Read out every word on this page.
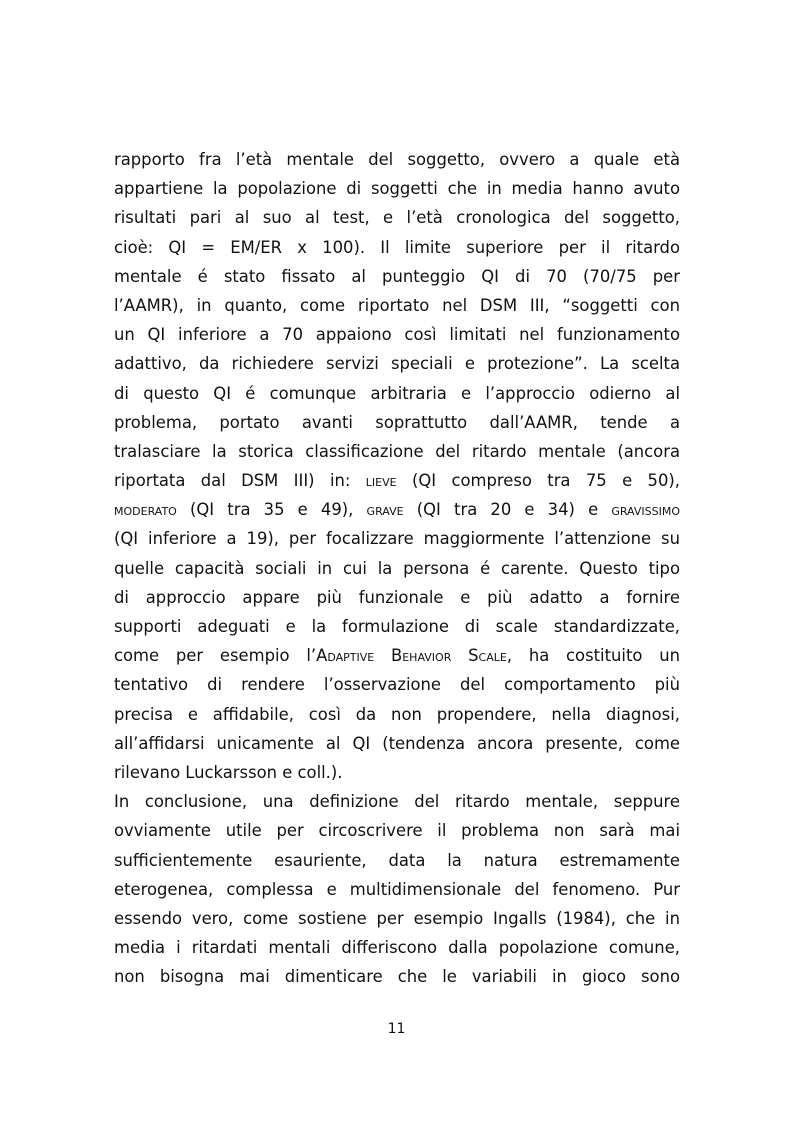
rapporto fra l’età mentale del soggetto, ovvero a quale età
appartiene la popolazione di soggetti che in media hanno avuto
risultati pari al suo al test, e l’età cronologica del soggetto,
cioè: QI = EM/ER x 100). Il limite superiore per il ritardo
mentale é stato fissato al punteggio QI di 70 (70/75 per
l’AAMR), in quanto, come riportato nel DSM III, “soggetti con
un QI inferiore a 70 appaiono così limitati nel funzionamento
adattivo, da richiedere servizi speciali e protezione”. La scelta
di questo QI é comunque arbitraria e l’approccio odierno al
problema, portato avanti soprattutto dall’AAMR, tende a
tralasciare la storica classificazione del ritardo mentale (ancora
riportata dal DSM III) in: lieve (QI compreso tra 75 e 50),
moderato (QI tra 35 e 49), grave (QI tra 20 e 34) e gravissimo
(QI inferiore a 19), per focalizzare maggiormente l’attenzione su
quelle capacità sociali in cui la persona é carente. Questo tipo
di approccio appare più funzionale e più adatto a fornire
supporti adeguati e la formulazione di scale standardizzate,
come per esempio l’Adaptive Behavior Scale, ha costituito un
tentativo di rendere l’osservazione del comportamento più
precisa e affidabile, così da non propendere, nella diagnosi,
all’affidarsi unicamente al QI (tendenza ancora presente, come
rilevano Luckarsson e coll.).
In conclusione, una definizione del ritardo mentale, seppure
ovviamente utile per circoscrivere il problema non sarà mai
sufficientemente esauriente, data la natura estremamente
eterogenea, complessa e multidimensionale del fenomeno. Pur
essendo vero, come sostiene per esempio Ingalls (1984), che in
media i ritardati mentali differiscono dalla popolazione comune,
non bisogna mai dimenticare che le variabili in gioco sono
11
